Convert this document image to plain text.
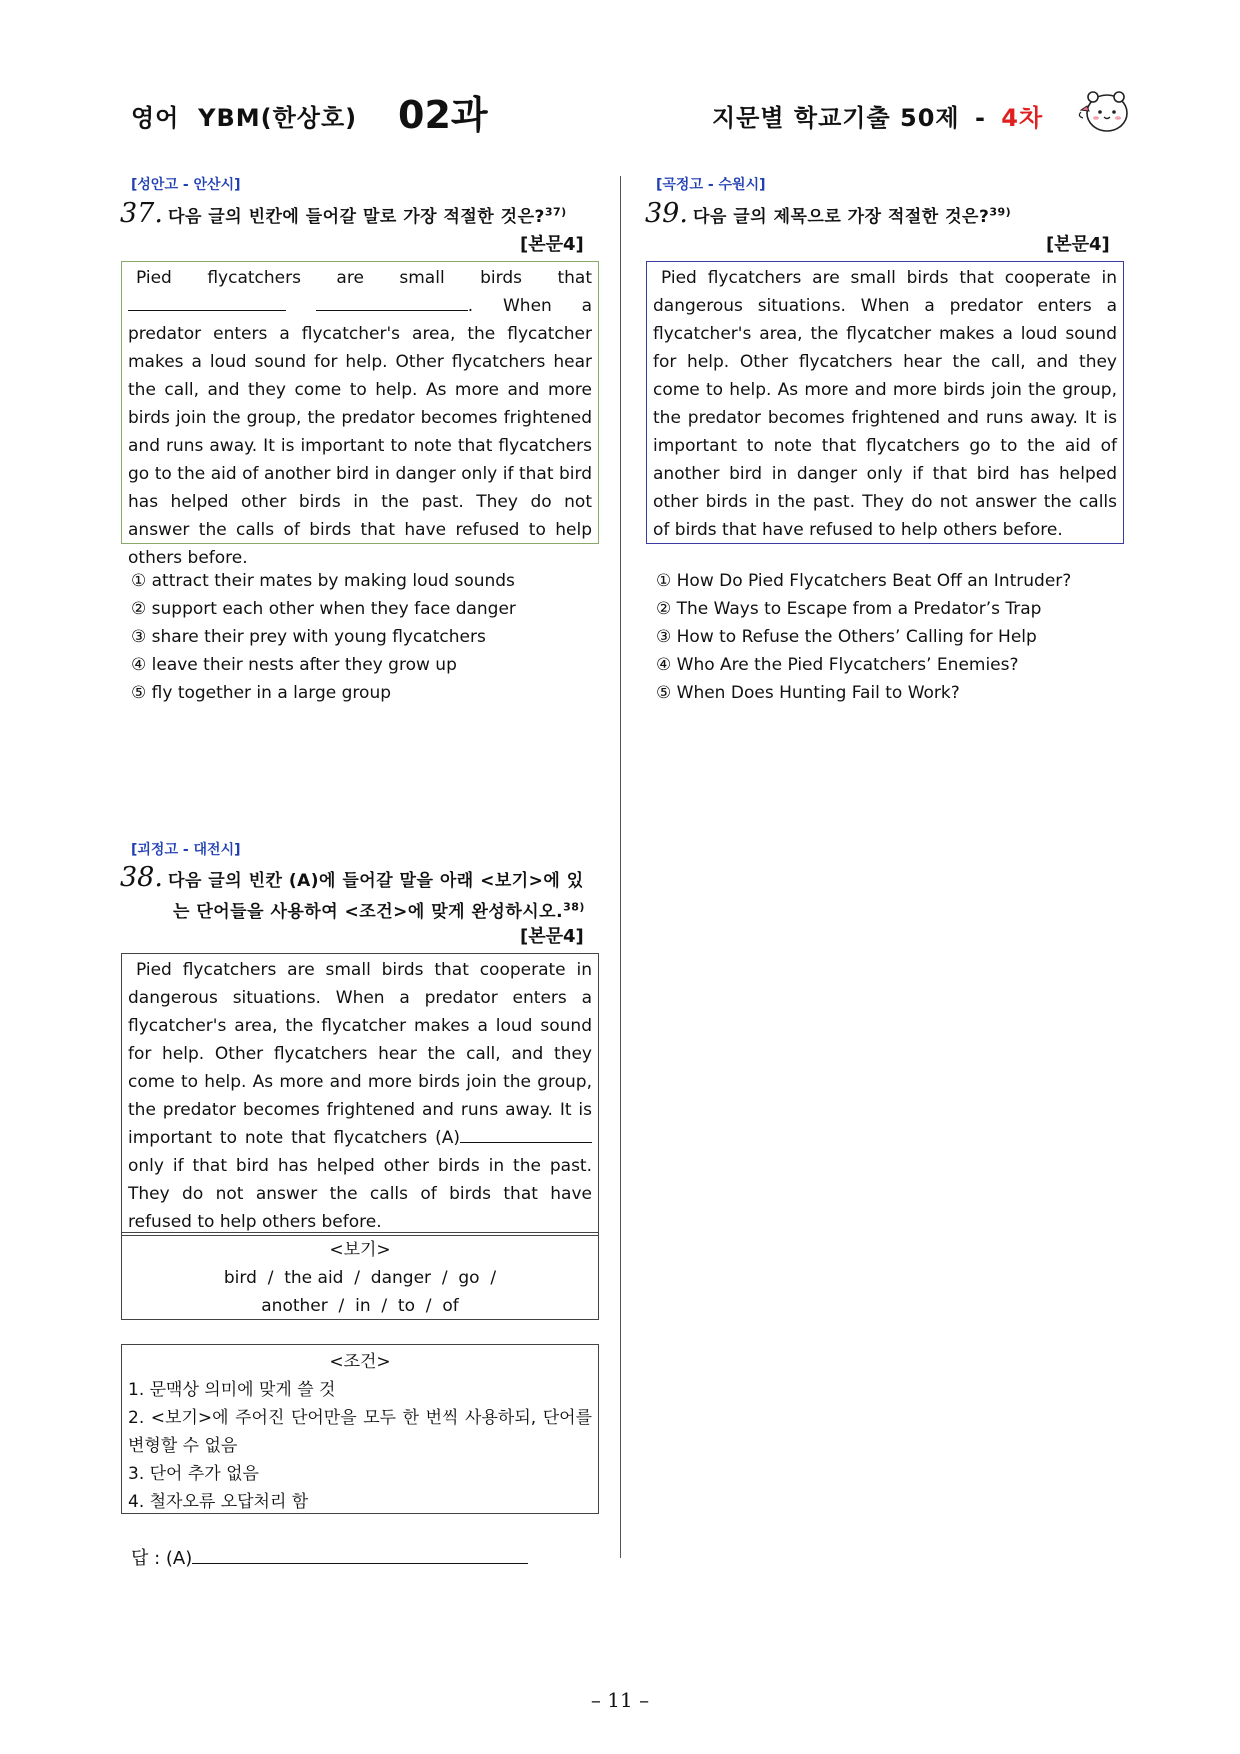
영어  YBM(한상호) 02과	지문별 학교기출 50제 - 4차
[성안고 - 안산시]
37. 다음 글의 빈칸에 들어갈 말로 가장 적절한 것은?$^{37)}$
[본문4]

Pied flycatchers are small birds that  . When a predator enters a flycatcher's area, the flycatcher makes a loud sound for help. Other flycatchers hear the call, and they come to help. As more and more birds join the group, the predator becomes frightened and runs away. It is important to note that flycatchers go to the aid of another bird in danger only if that bird has helped other birds in the past. They do not answer the calls of birds that have refused to help others before.

① attract their mates by making loud sounds
② support each other when they face danger
③ share their prey with young flycatchers
④ leave their nests after they grow up
⑤ fly together in a large group
[괴정고 - 대전시]
38. 다음 글의 빈칸 (A)에 들어갈 말을 아래 <보기>에 있
는 단어들을 사용하여 <조건>에 맞게 완성하시오.$^{38)}$
[본문4]

Pied flycatchers are small birds that cooperate in dangerous situations. When a predator enters a flycatcher's area, the flycatcher makes a loud sound for help. Other flycatchers hear the call, and they come to help. As more and more birds join the group, the predator becomes frightened and runs away. It is important to note that flycatchers (A) only if that bird has helped other birds in the past. They do not answer the calls of birds that have refused to help others before.

<보기>
bird  /  the aid  /  danger  /  go  /
another  /  in  /  to  /  of
<조건>
1. 문맥상 의미에 맞게 쓸 것
2. <보기>에 주어진 단어만을 모두 한 번씩 사용하되, 단어를 변형할 수 없음
3. 단어 추가 없음
4. 철자오류 오답처리 함
답 : (A)
[곡정고 - 수원시]
39. 다음 글의 제목으로 가장 적절한 것은?$^{39)}$
[본문4]

Pied flycatchers are small birds that cooperate in dangerous situations. When a predator enters a flycatcher's area, the flycatcher makes a loud sound for help. Other flycatchers hear the call, and they come to help. As more and more birds join the group, the predator becomes frightened and runs away. It is important to note that flycatchers go to the aid of another bird in danger only if that bird has helped other birds in the past. They do not answer the calls of birds that have refused to help others before.

① How Do Pied Flycatchers Beat Off an Intruder?
② The Ways to Escape from a Predator’s Trap
③ How to Refuse the Others’ Calling for Help
④ Who Are the Pied Flycatchers’ Enemies?
⑤ When Does Hunting Fail to Work?
– 11 –
